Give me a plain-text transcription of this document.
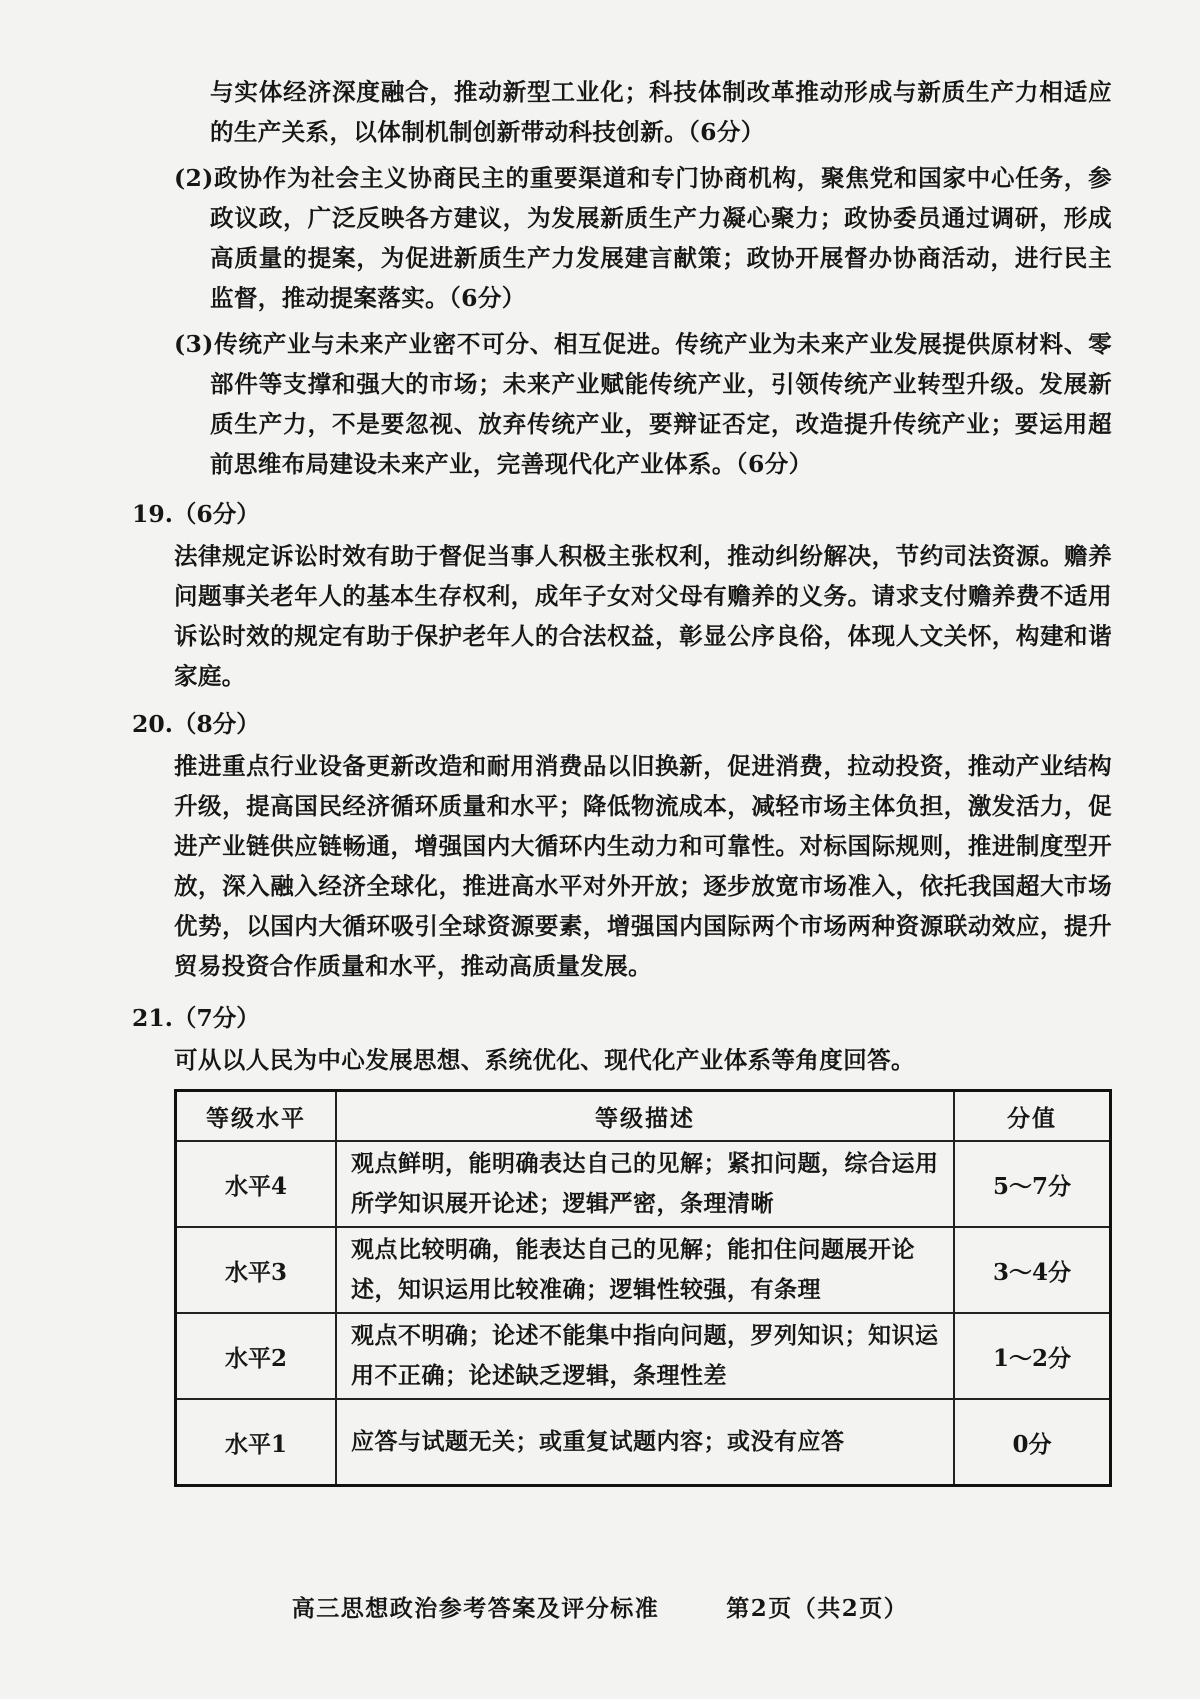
与实体经济深度融合，推动新型工业化；科技体制改革推动形成与新质生产力相适应的生产关系，以体制机制创新带动科技创新。（6分）
(2)政协作为社会主义协商民主的重要渠道和专门协商机构，聚焦党和国家中心任务，参政议政，广泛反映各方建议，为发展新质生产力凝心聚力；政协委员通过调研，形成高质量的提案，为促进新质生产力发展建言献策；政协开展督办协商活动，进行民主监督，推动提案落实。（6分）
(3)传统产业与未来产业密不可分、相互促进。传统产业为未来产业发展提供原材料、零部件等支撑和强大的市场；未来产业赋能传统产业，引领传统产业转型升级。发展新质生产力，不是要忽视、放弃传统产业，要辩证否定，改造提升传统产业；要运用超前思维布局建设未来产业，完善现代化产业体系。（6分）
19.（6分）
法律规定诉讼时效有助于督促当事人积极主张权利，推动纠纷解决，节约司法资源。赡养问题事关老年人的基本生存权利，成年子女对父母有赡养的义务。请求支付赡养费不适用诉讼时效的规定有助于保护老年人的合法权益，彰显公序良俗，体现人文关怀，构建和谐家庭。
20.（8分）
推进重点行业设备更新改造和耐用消费品以旧换新，促进消费，拉动投资，推动产业结构升级，提高国民经济循环质量和水平；降低物流成本，减轻市场主体负担，激发活力，促进产业链供应链畅通，增强国内大循环内生动力和可靠性。对标国际规则，推进制度型开放，深入融入经济全球化，推进高水平对外开放；逐步放宽市场准入，依托我国超大市场优势，以国内大循环吸引全球资源要素，增强国内国际两个市场两种资源联动效应，提升贸易投资合作质量和水平，推动高质量发展。
21.（7分）
可从以人民为中心发展思想、系统优化、现代化产业体系等角度回答。
等级水平	等级描述	分值
水平4	观点鲜明，能明确表达自己的见解；紧扣问题，综合运用所学知识展开论述；逻辑严密，条理清晰	5～7分
水平3	观点比较明确，能表达自己的见解；能扣住问题展开论述，知识运用比较准确；逻辑性较强，有条理	3～4分
水平2	观点不明确；论述不能集中指向问题，罗列知识；知识运用不正确；论述缺乏逻辑，条理性差	1～2分
水平1	应答与试题无关；或重复试题内容；或没有应答	0分
高三思想政治参考答案及评分标准	第2页（共2页）
